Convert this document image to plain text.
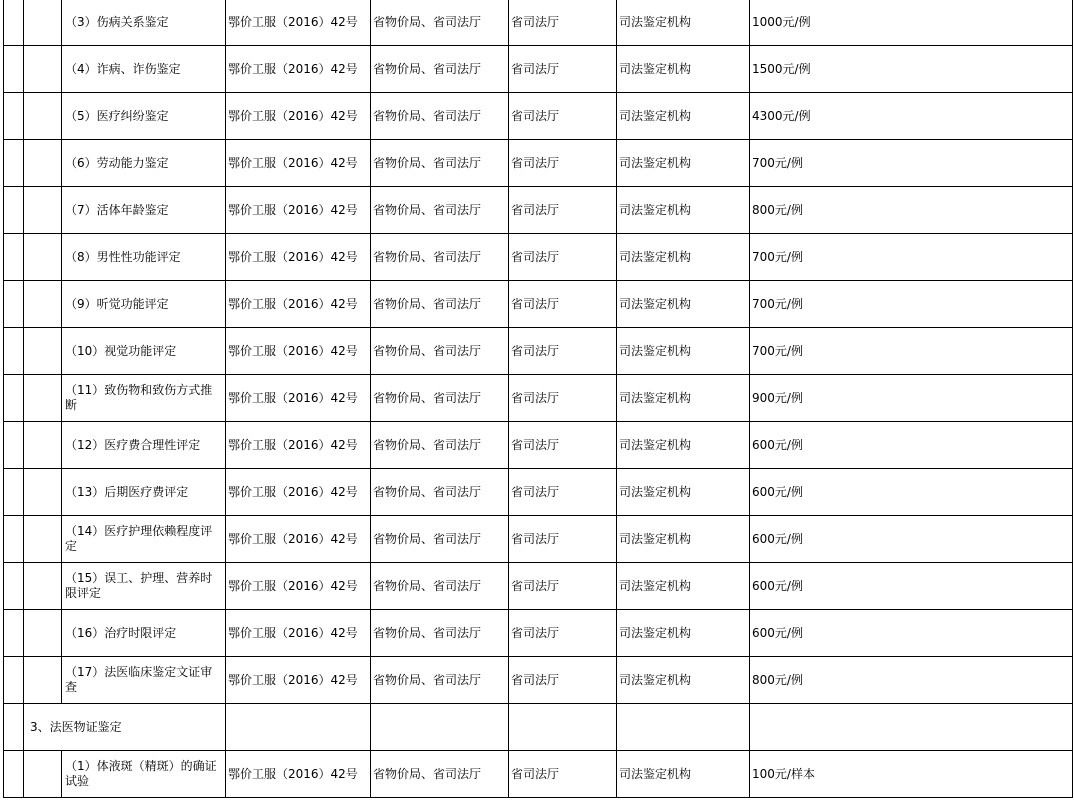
		（3）伤病关系鉴定	鄂价工服（2016）42号	省物价局、省司法厅	省司法厅	司法鉴定机构	1000元/例
		（4）诈病、诈伤鉴定	鄂价工服（2016）42号	省物价局、省司法厅	省司法厅	司法鉴定机构	1500元/例
		（5）医疗纠纷鉴定	鄂价工服（2016）42号	省物价局、省司法厅	省司法厅	司法鉴定机构	4300元/例
		（6）劳动能力鉴定	鄂价工服（2016）42号	省物价局、省司法厅	省司法厅	司法鉴定机构	700元/例
		（7）活体年龄鉴定	鄂价工服（2016）42号	省物价局、省司法厅	省司法厅	司法鉴定机构	800元/例
		（8）男性性功能评定	鄂价工服（2016）42号	省物价局、省司法厅	省司法厅	司法鉴定机构	700元/例
		（9）听觉功能评定	鄂价工服（2016）42号	省物价局、省司法厅	省司法厅	司法鉴定机构	700元/例
		（10）视觉功能评定	鄂价工服（2016）42号	省物价局、省司法厅	省司法厅	司法鉴定机构	700元/例
		（11）致伤物和致伤方式推断	鄂价工服（2016）42号	省物价局、省司法厅	省司法厅	司法鉴定机构	900元/例
		（12）医疗费合理性评定	鄂价工服（2016）42号	省物价局、省司法厅	省司法厅	司法鉴定机构	600元/例
		（13）后期医疗费评定	鄂价工服（2016）42号	省物价局、省司法厅	省司法厅	司法鉴定机构	600元/例
		（14）医疗护理依赖程度评定	鄂价工服（2016）42号	省物价局、省司法厅	省司法厅	司法鉴定机构	600元/例
		（15）误工、护理、营养时限评定	鄂价工服（2016）42号	省物价局、省司法厅	省司法厅	司法鉴定机构	600元/例
		（16）治疗时限评定	鄂价工服（2016）42号	省物价局、省司法厅	省司法厅	司法鉴定机构	600元/例
		（17）法医临床鉴定文证审查	鄂价工服（2016）42号	省物价局、省司法厅	省司法厅	司法鉴定机构	800元/例
	3、法医物证鉴定						
		（1）体液斑（精斑）的确证试验	鄂价工服（2016）42号	省物价局、省司法厅	省司法厅	司法鉴定机构	100元/样本
